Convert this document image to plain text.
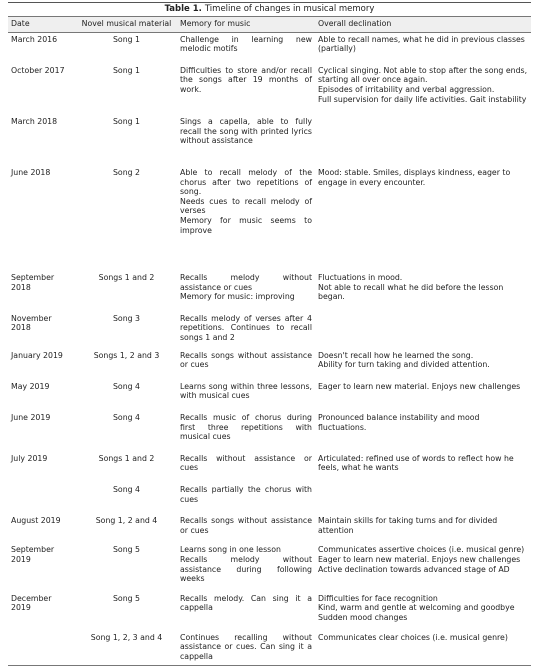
Table 1. Timeline of changes in musical memory
Date	Novel musical material	Memory for music	Overall declination
March 2016	Song 1	Challenge in learning new melodic motifs	Able to recall names, what he did in previous classes (partially)

October 2017	Song 1	Difficulties to store and/or recall the songs after 19 months of work.	Cyclical singing. Not able to stop after the song ends, starting all over once again.
Episodes of irritability and verbal aggression.
Full supervision for daily life activities. Gait instability

March 2018	Song 1	Sings a capella, able to fully recall the song with printed lyrics without assistance	

June 2018	Song 2	Able to recall melody of the chorus after two repetitions of song.
Needs cues to recall melody of verses
Memory for music seems to improve	Mood: stable. Smiles, displays kindness, eager to engage in every encounter.

September 2018	Songs 1 and 2	Recalls melody without assistance or cues
Memory for music: improving	Fluctuations in mood.
Not able to recall what he did before the lesson began.

November 2018	Song 3	Recalls melody of verses after 4 repetitions. Continues to recall songs 1 and 2	

January 2019	Songs 1, 2 and 3	Recalls songs without assistance or cues	Doesn't recall how he learned the song.
Ability for turn taking and divided attention.

May 2019	Song 4	Learns song within three lessons, with musical cues	Eager to learn new material. Enjoys new challenges

June 2019	Song 4	Recalls music of chorus during first three repetitions with musical cues	Pronounced balance instability and mood fluctuations.

July 2019	Songs 1 and 2	Recalls without assistance or cues	Articulated: refined use of words to reflect how he feels, what he wants

	Song 4	Recalls partially the chorus with cues	

August 2019	Song 1, 2 and 4	Recalls songs without assistance or cues	Maintain skills for taking turns and for divided attention

September 2019	Song 5	Learns song in one lesson
Recalls melody without assistance during following weeks	Communicates assertive choices (i.e. musical genre)
Eager to learn new material. Enjoys new challenges
Active declination towards advanced stage of AD

December 2019	Song 5	Recalls melody. Can sing it a cappella	Difficulties for face recognition
Kind, warm and gentle at welcoming and goodbye
Sudden mood changes

	Song 1, 2, 3 and 4	Continues recalling without assistance or cues. Can sing it a cappella	Communicates clear choices (i.e. musical genre)
